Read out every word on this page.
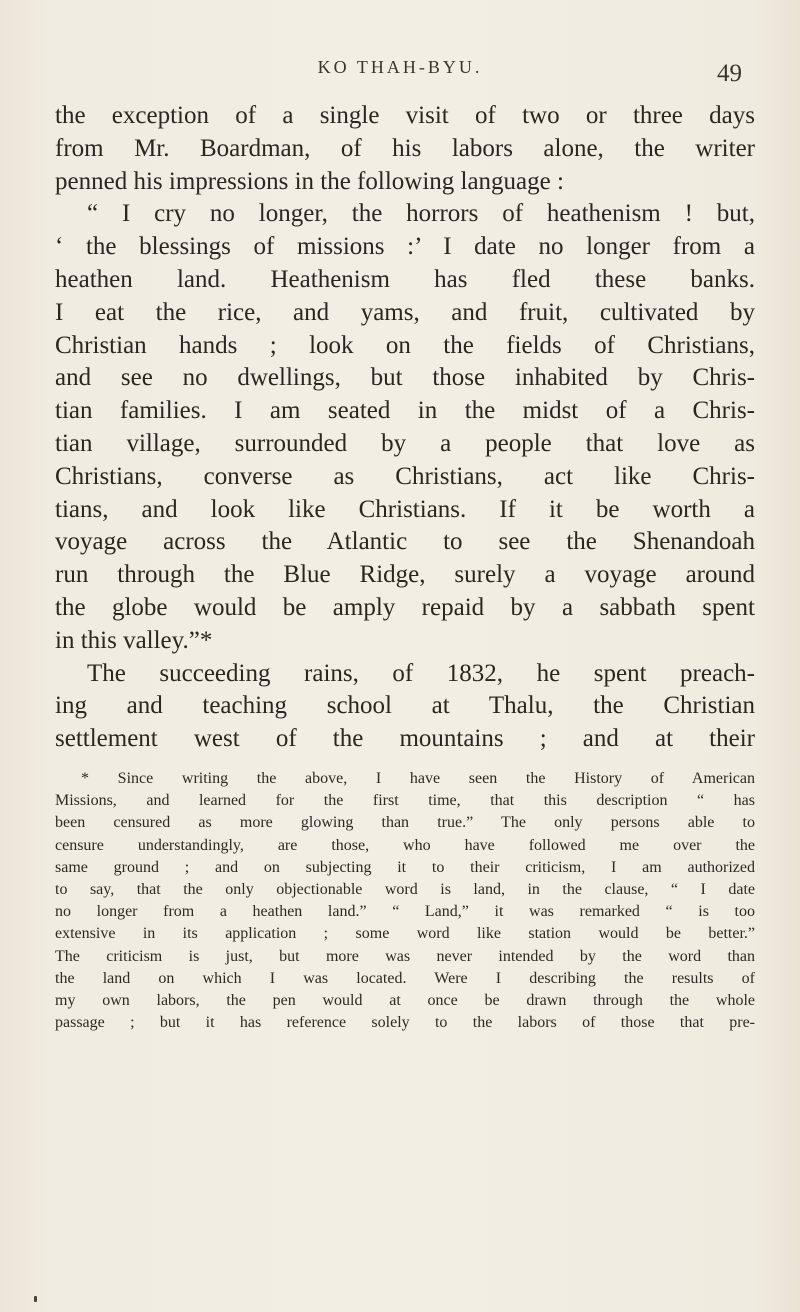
KO THAH-BYU.	49
the exception of a single visit of two or three days
from Mr. Boardman, of his labors alone, the writer
penned his impressions in the following language :
“ I cry no longer, the horrors of heathenism ! but,
‘ the blessings of missions :’ I date no longer from a
heathen land. Heathenism has fled these banks.
I eat the rice, and yams, and fruit, cultivated by
Christian hands ; look on the fields of Christians,
and see no dwellings, but those inhabited by Chris-
tian families. I am seated in the midst of a Chris-
tian village, surrounded by a people that love as
Christians, converse as Christians, act like Chris-
tians, and look like Christians. If it be worth a
voyage across the Atlantic to see the Shenandoah
run through the Blue Ridge, surely a voyage around
the globe would be amply repaid by a sabbath spent
in this valley.”*
The succeeding rains, of 1832, he spent preach-
ing and teaching school at Thalu, the Christian
settlement west of the mountains ; and at their
* Since writing the above, I have seen the History of American
Missions, and learned for the first time, that this description “ has
been censured as more glowing than true.” The only persons able to
censure understandingly, are those, who have followed me over the
same ground ; and on subjecting it to their criticism, I am authorized
to say, that the only objectionable word is land, in the clause, “ I date
no longer from a heathen land.” “ Land,” it was remarked “ is too
extensive in its application ; some word like station would be better.”
The criticism is just, but more was never intended by the word than
the land on which I was located. Were I describing the results of
my own labors, the pen would at once be drawn through the whole
passage ; but it has reference solely to the labors of those that pre-
